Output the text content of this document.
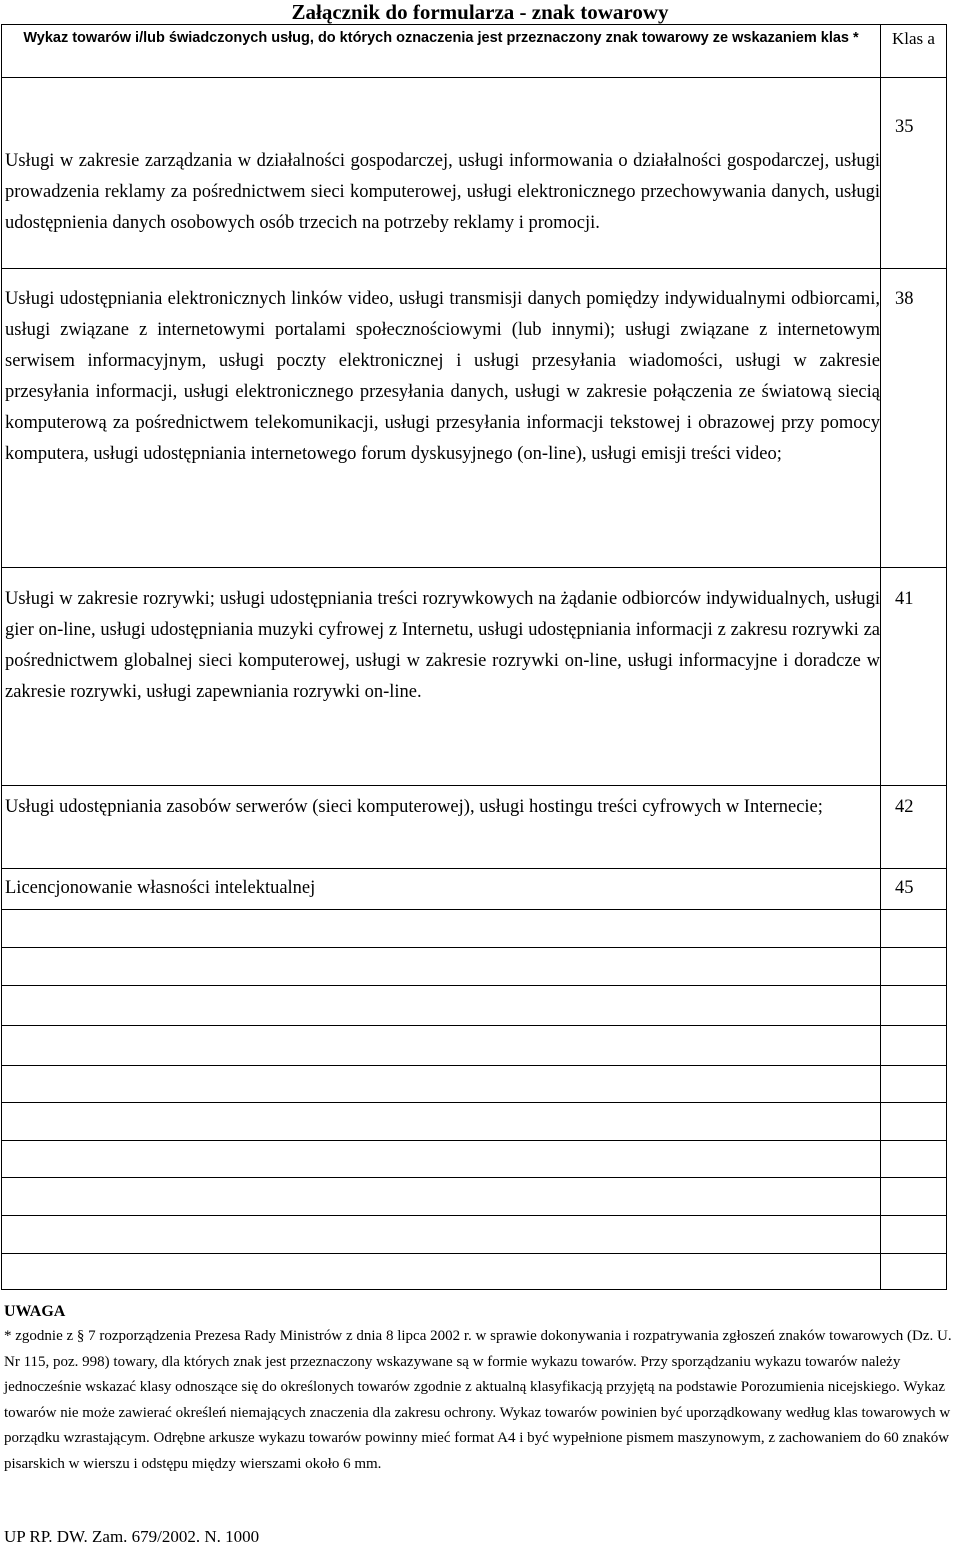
Załącznik do formularza - znak towarowy
Wykaz towarów i/lub świadczonych usług, do których oznaczenia jest przeznaczony znak towarowy ze wskazaniem klas *	Klas a

Usługi w zakresie zarządzania w działalności gospodarczej, usługi informowania o działalności gospodarczej, usługi prowadzenia reklamy za pośrednictwem sieci komputerowej, usługi elektronicznego przechowywania danych, usługi udostępnienia danych osobowych osób trzecich na potrzeby reklamy i promocji.	35

Usługi udostępniania elektronicznych linków video, usługi transmisji danych pomiędzy indywidualnymi odbiorcami, usługi związane z internetowymi portalami społecznościowymi (lub innymi); usługi związane z internetowym serwisem informacyjnym, usługi poczty elektronicznej i usługi przesyłania wiadomości, usługi w zakresie przesyłania informacji, usługi elektronicznego przesyłania danych, usługi w zakresie połączenia ze światową siecią komputerową za pośrednictwem telekomunikacji, usługi przesyłania informacji tekstowej i obrazowej przy pomocy komputera, usługi udostępniania internetowego forum dyskusyjnego (on-line), usługi emisji treści video;	38

Usługi w zakresie rozrywki; usługi udostępniania treści rozrywkowych na żądanie odbiorców indywidualnych, usługi gier on-line, usługi udostępniania muzyki cyfrowej z Internetu, usługi udostępniania informacji z zakresu rozrywki za pośrednictwem globalnej sieci komputerowej, usługi w zakresie rozrywki on-line, usługi informacyjne i doradcze w zakresie rozrywki, usługi zapewniania rozrywki on-line.	41

Usługi udostępniania zasobów serwerów (sieci komputerowej), usługi hostingu treści cyfrowych w Internecie;	42

Licencjonowanie własności intelektualnej	45

UWAGA

* zgodnie z § 7 rozporządzenia Prezesa Rady Ministrów z dnia 8 lipca 2002 r. w sprawie dokonywania i rozpatrywania zgłoszeń znaków towarowych (Dz. U. Nr 115, poz. 998) towary, dla których znak jest przeznaczony wskazywane są w formie wykazu towarów. Przy sporządzaniu wykazu towarów należy jednocześnie wskazać klasy odnoszące się do określonych towarów zgodnie z aktualną klasyfikacją przyjętą na podstawie Porozumienia nicejskiego. Wykaz towarów nie może zawierać określeń niemających znaczenia dla zakresu ochrony. Wykaz towarów powinien być uporządkowany według klas towarowych w porządku wzrastającym. Odrębne arkusze wykazu towarów powinny mieć format A4 i być wypełnione pismem maszynowym, z zachowaniem do 60 znaków pisarskich w wierszu i odstępu między wierszami około 6 mm.

UP RP. DW. Zam. 679/2002. N. 1000
